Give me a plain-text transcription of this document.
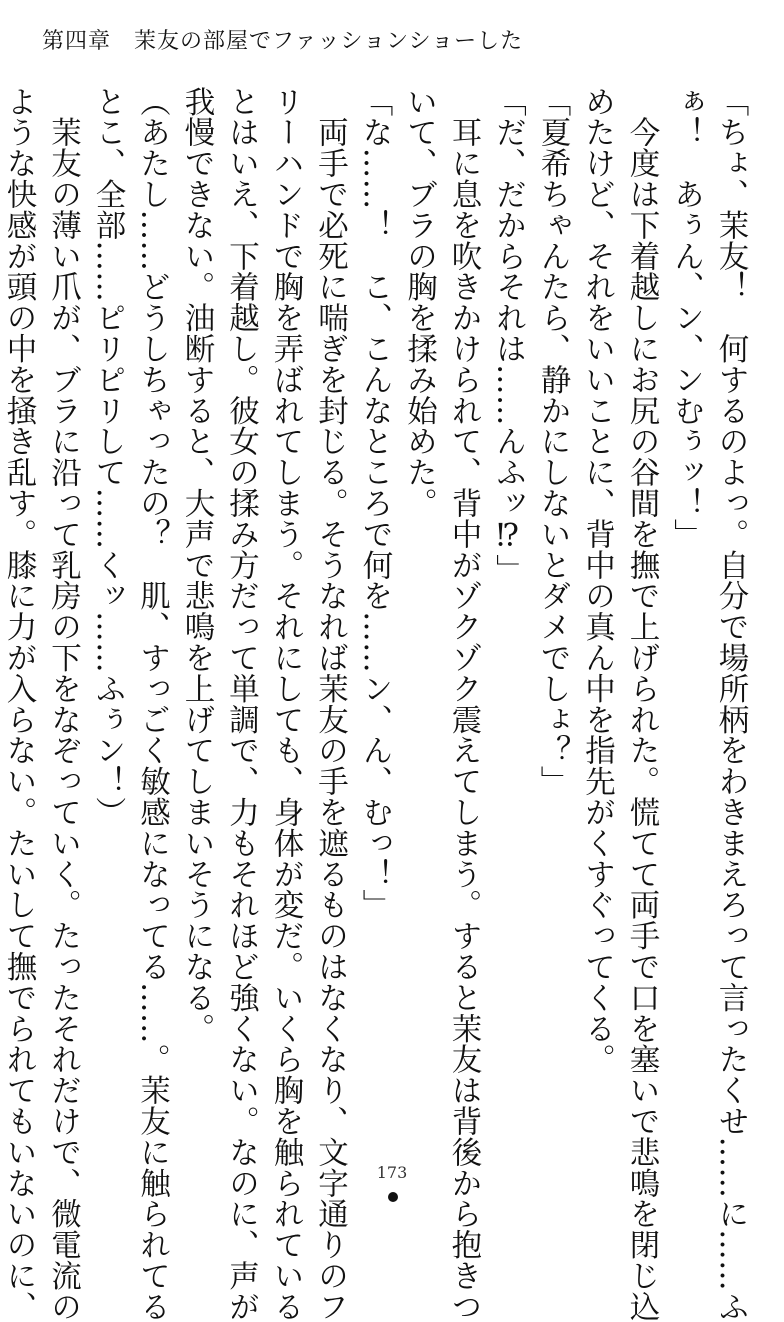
第四章　茉友の部屋でファッションショーした
「ちょ、茉友！　何するのよっ。自分で場所柄をわきまえろって言ったくせ……に……ふ
ぁ！　あぅん、ン、ンむぅッ！」
　今度は下着越しにお尻の谷間を撫で上げられた。慌てて両手で口を塞いで悲鳴を閉じ込
めたけど、それをいいことに、背中の真ん中を指先がくすぐってくる。
「夏希ちゃんたら、静かにしないとダメでしょ？」
「だ、だからそれは……んふッ⁉」
　耳に息を吹きかけられて、背中がゾクゾク震えてしまう。すると茉友は背後から抱きつ
いて、ブラの胸を揉み始めた。
「な……！　こ、こんなところで何を……ン、ん、むっ！」
　両手で必死に喘ぎを封じる。そうなれば茉友の手を遮るものはなくなり、文字通りのフ
リーハンドで胸を弄ばれてしまう。それにしても、身体が変だ。いくら胸を触られている
とはいえ、下着越し。彼女の揉み方だって単調で、力もそれほど強くない。なのに、声が
我慢できない。油断すると、大声で悲鳴を上げてしまいそうになる。
（あたし……どうしちゃったの？　肌、すっごく敏感になってる……。茉友に触られてる
とこ、全部……ピリピリして……くッ……ふぅン！）
　茉友の薄い爪が、ブラに沿って乳房の下をなぞっていく。たったそれだけで、微電流の
ような快感が頭の中を掻き乱す。膝に力が入らない。たいして撫でられてもいないのに、	173
